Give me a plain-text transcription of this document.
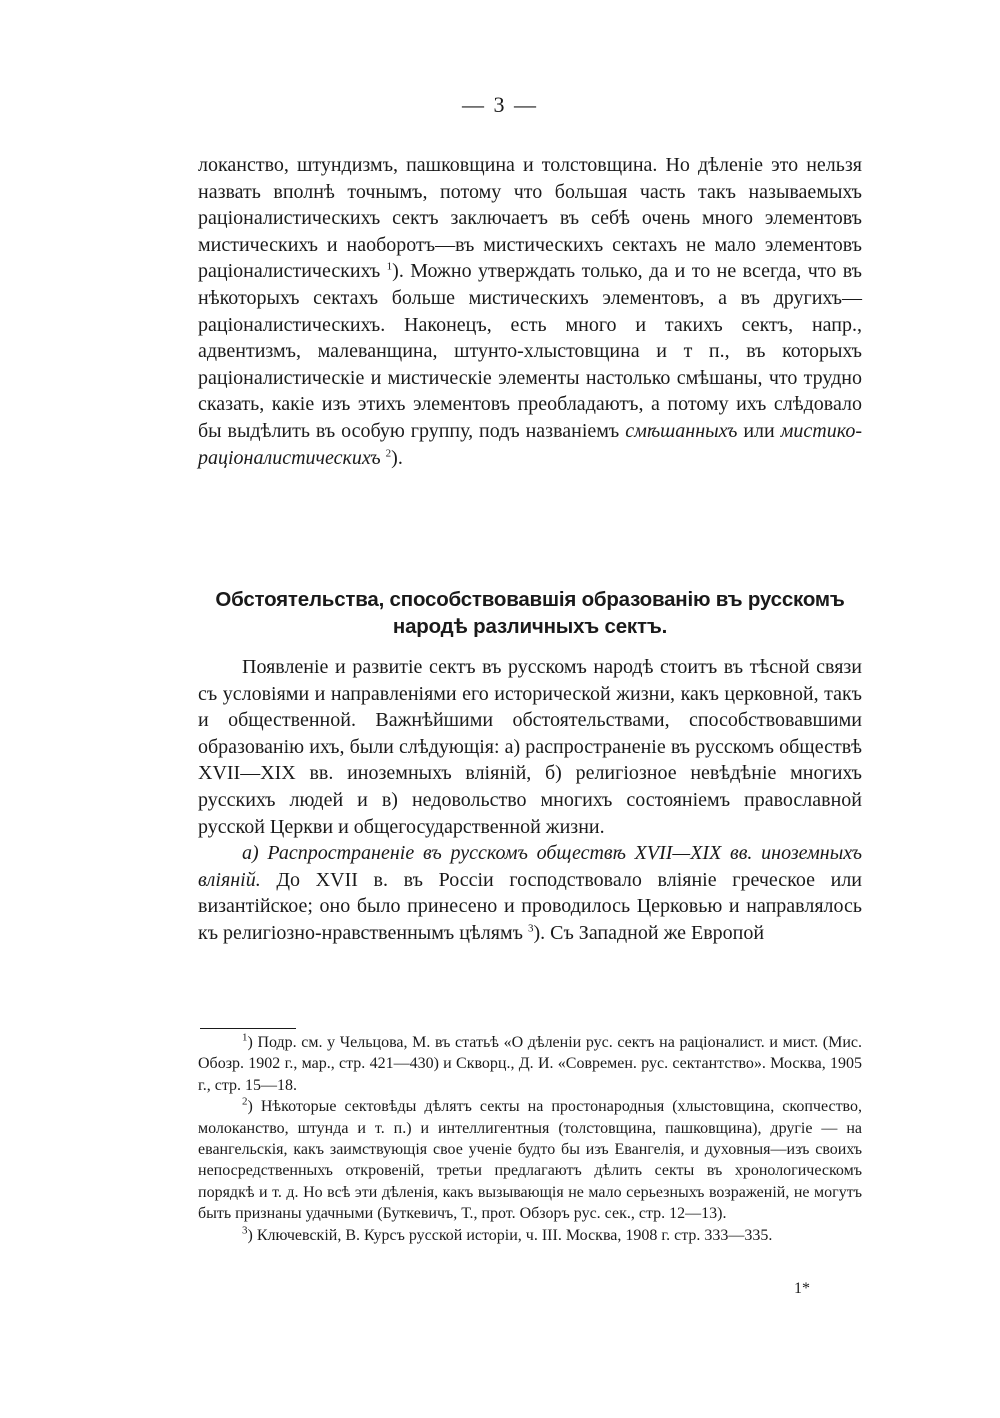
— 3 —

локанство, штундизмъ, пашковщина и толстовщина. Но дѣленіе это нельзя назвать вполнѣ точнымъ, потому что большая часть такъ называемыхъ раціоналистическихъ сектъ заключаетъ въ себѣ очень много элементовъ мистическихъ и наоборотъ—въ мистическихъ сектахъ не мало элементовъ раціоналистическихъ $^1$). Можно утверждать только, да и то не всегда, что въ нѣкоторыхъ сектахъ больше мистическихъ элементовъ, а въ другихъ—раціоналистическихъ. Наконецъ, есть много и такихъ сектъ, напр., адвентизмъ, малеванщина, штунто-хлыстовщина и т п., въ которыхъ раціоналистическіе и мистическіе элементы настолько смѣшаны, что трудно сказать, какіе изъ этихъ элементовъ преобладаютъ, а потому ихъ слѣдовало бы выдѣлить въ особую группу, подъ названіемъ смѣшанныхъ или мистико-раціоналистическихъ $^2$).

Обстоятельства, способствовавшія образованію въ русскомъ народѣ различныхъ сектъ.

Появленіе и развитіе сектъ въ русскомъ народѣ стоитъ въ тѣсной связи съ условіями и направленіями его исторической жизни, какъ церковной, такъ и общественной. Важнѣйшими обстоятельствами, способствовавшими образованію ихъ, были слѣдующія: а) распространеніе въ русскомъ обществѣ XVII—XIX вв. иноземныхъ вліяній, б) религіозное невѣдѣніе многихъ русскихъ людей и в) недовольство многихъ состояніемъ православной русской Церкви и общегосударственной жизни.

а) Распространеніе въ русскомъ обществѣ XVII—XIX вв. иноземныхъ вліяній. До XVII в. въ Россіи господствовало вліяніе греческое или византійское; оно было принесено и проводилось Церковью и направлялось къ религіозно-нравственнымъ цѣлямъ $^3$). Съ Западной же Европой

$^1$) Подр. см. у Чельцова, М. въ статьѣ «О дѣленіи рус. сектъ на раціоналист. и мист. (Мис. Обозр. 1902 г., мар., стр. 421—430) и Скворц., Д. И. «Современ. рус. сектантство». Москва, 1905 г., стр. 15—18.

$^2$) Нѣкоторые сектовѣды дѣлятъ секты на простонародныя (хлыстовщина, скопчество, молоканство, штунда и т. п.) и интеллигентныя (толстовщина, пашковщина), другіе — на евангельскія, какъ заимствующія свое ученіе будто бы изъ Евангелія, и духовныя—изъ своихъ непосредственныхъ откровеній, третьи предлагаютъ дѣлить секты въ хронологическомъ порядкѣ и т. д. Но всѣ эти дѣленія, какъ вызывающія не мало серьезныхъ возраженій, не могутъ быть признаны удачными (Буткевичъ, Т., прот. Обзоръ рус. сек., стр. 12—13).

$^3$) Ключевскій, В. Курсъ русской исторіи, ч. III. Москва, 1908 г. стр. 333—335.

1*
